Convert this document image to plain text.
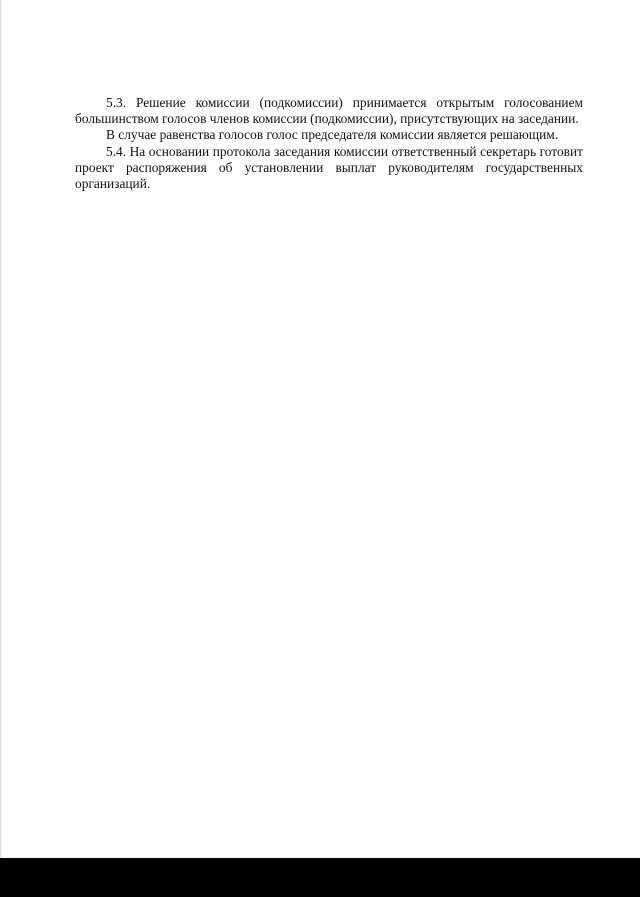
5.3. Решение комиссии (подкомиссии) принимается открытым голосованием большинством голосов членов комиссии (подкомиссии), присутствующих на заседании.

В случае равенства голосов голос председателя комиссии является решающим.

5.4. На основании протокола заседания комиссии ответственный секретарь готовит проект распоряжения об установлении выплат руководителям государственных организаций.
